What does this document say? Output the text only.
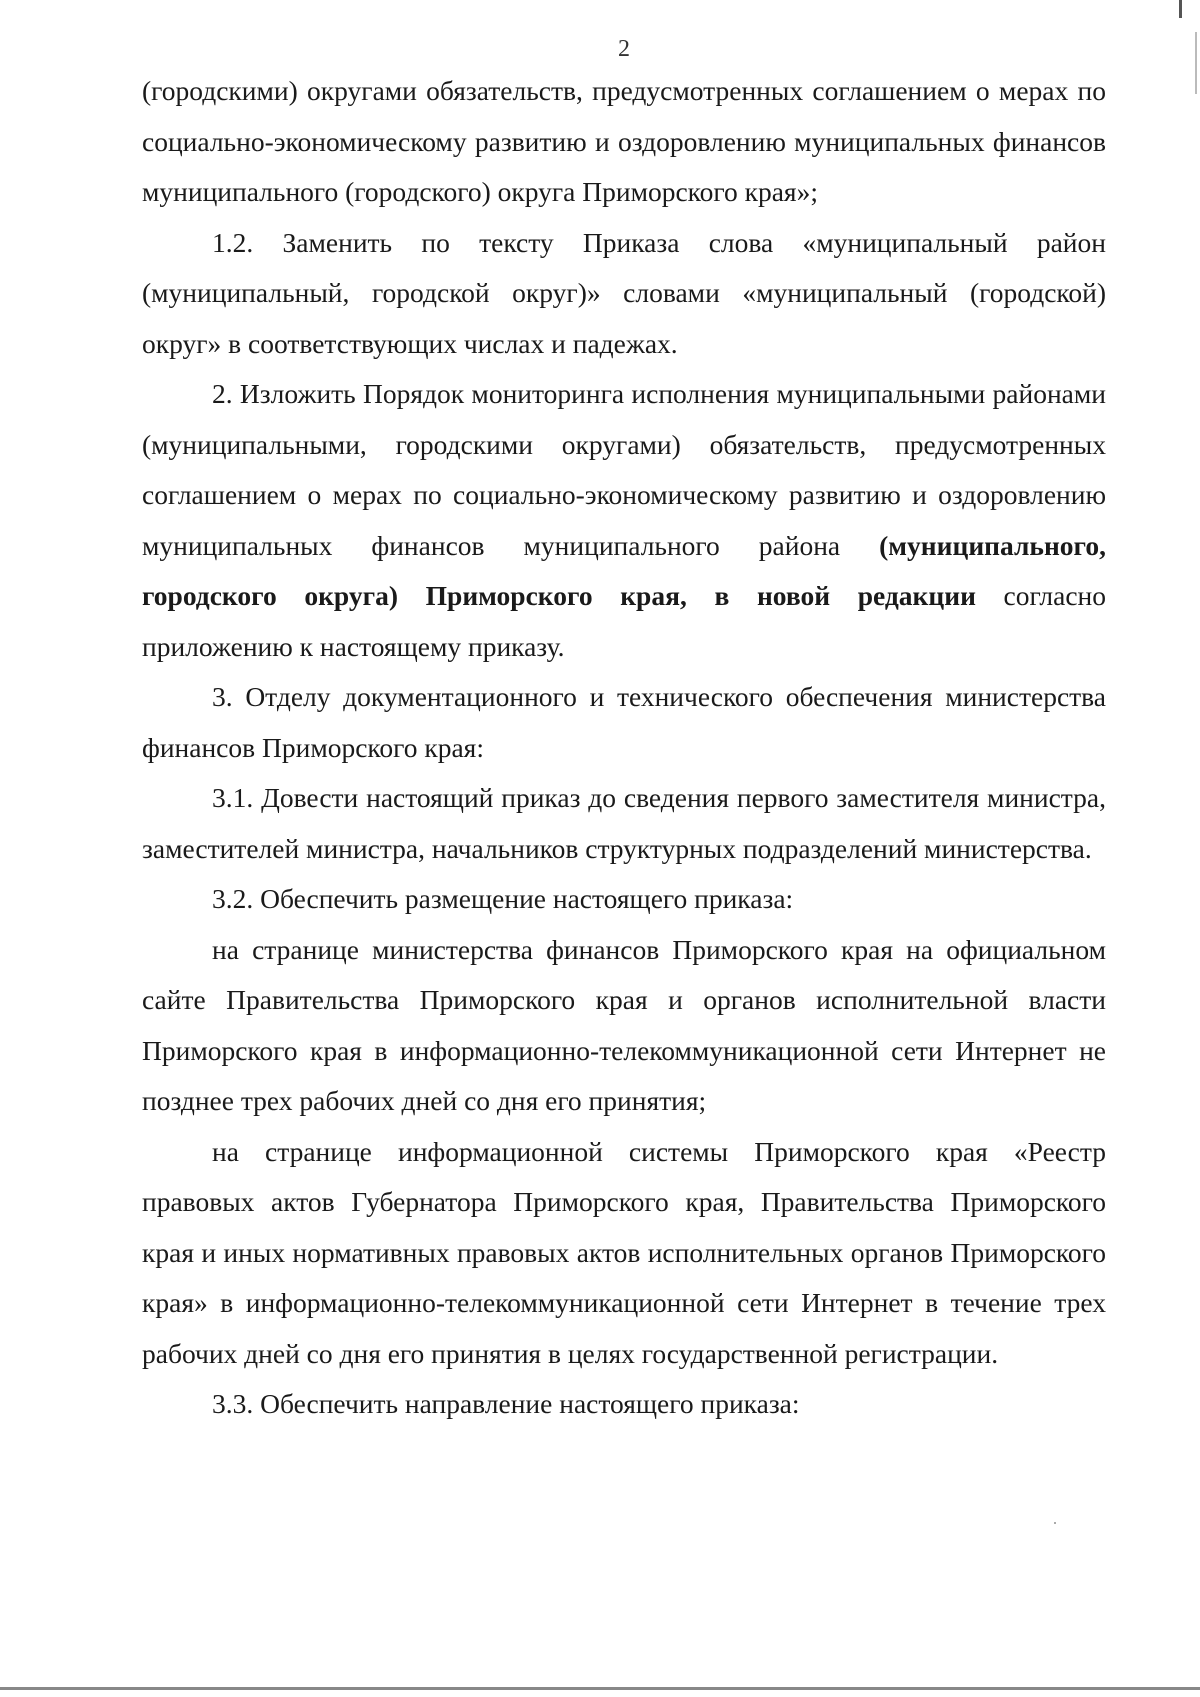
2

(городскими) округами обязательств, предусмотренных соглашением о мерах по социально-экономическому развитию и оздоровлению муниципальных финансов муниципального (городского) округа Приморского края»;

1.2. Заменить по тексту Приказа слова «муниципальный район (муниципальный, городской округ)» словами «муниципальный (городской) округ» в соответствующих числах и падежах.

2. Изложить Порядок мониторинга исполнения муниципальными районами (муниципальными, городскими округами) обязательств, предусмотренных соглашением о мерах по социально-экономическому развитию и оздоровлению муниципальных финансов муниципального района (муниципального, городского округа) Приморского края, в новой редакции согласно приложению к настоящему приказу.

3. Отделу документационного и технического обеспечения министерства финансов Приморского края:

3.1. Довести настоящий приказ до сведения первого заместителя министра, заместителей министра, начальников структурных подразделений министерства.

3.2. Обеспечить размещение настоящего приказа:

на странице министерства финансов Приморского края на официальном сайте Правительства Приморского края и органов исполнительной власти Приморского края в информационно-телекоммуникационной сети Интернет не позднее трех рабочих дней со дня его принятия;

на странице информационной системы Приморского края «Реестр правовых актов Губернатора Приморского края, Правительства Приморского края и иных нормативных правовых актов исполнительных органов Приморского края» в информационно-телекоммуникационной сети Интернет в течение трех рабочих дней со дня его принятия в целях государственной регистрации.

3.3. Обеспечить направление настоящего приказа:
